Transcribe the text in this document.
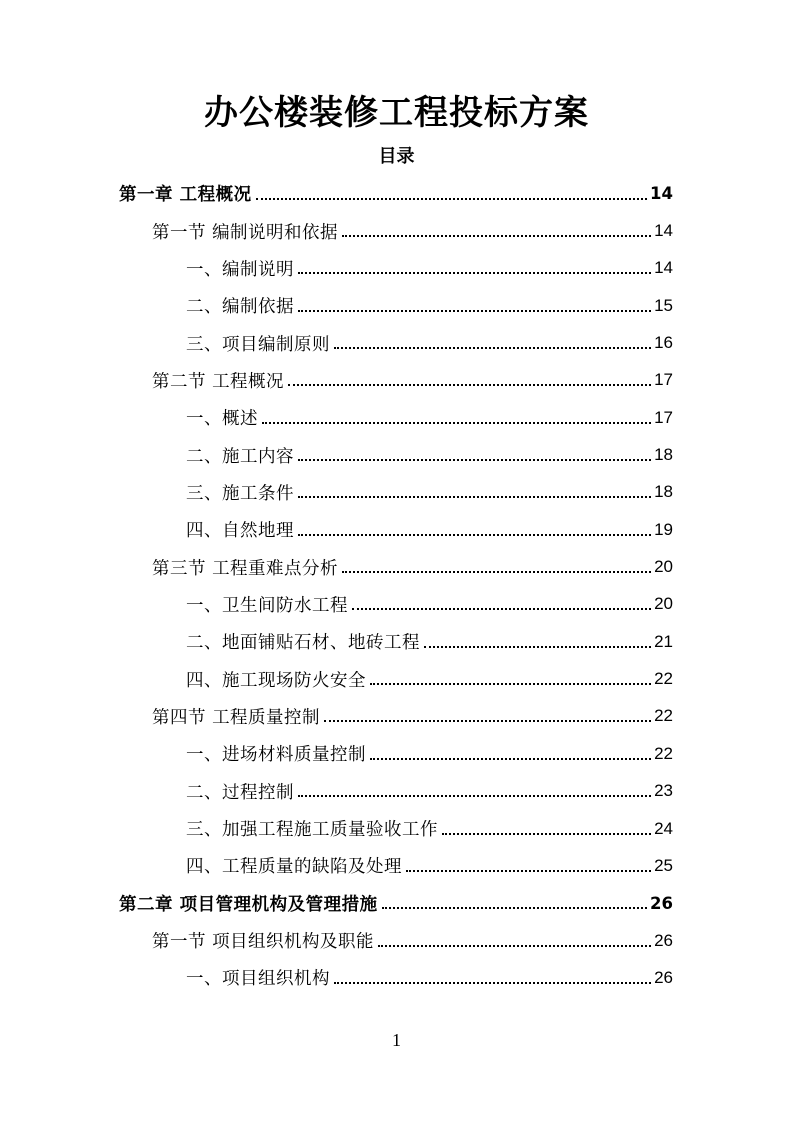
办公楼装修工程投标方案
目录
第一章 工程概况	14
第一节 编制说明和依据	14
一、编制说明	14
二、编制依据	15
三、项目编制原则	16
第二节 工程概况	17
一、概述	17
二、施工内容	18
三、施工条件	18
四、自然地理	19
第三节 工程重难点分析	20
一、卫生间防水工程	20
二、地面铺贴石材、地砖工程	21
四、施工现场防火安全	22
第四节 工程质量控制	22
一、进场材料质量控制	22
二、过程控制	23
三、加强工程施工质量验收工作	24
四、工程质量的缺陷及处理	25
第二章 项目管理机构及管理措施	26
第一节 项目组织机构及职能	26
一、项目组织机构	26
1
